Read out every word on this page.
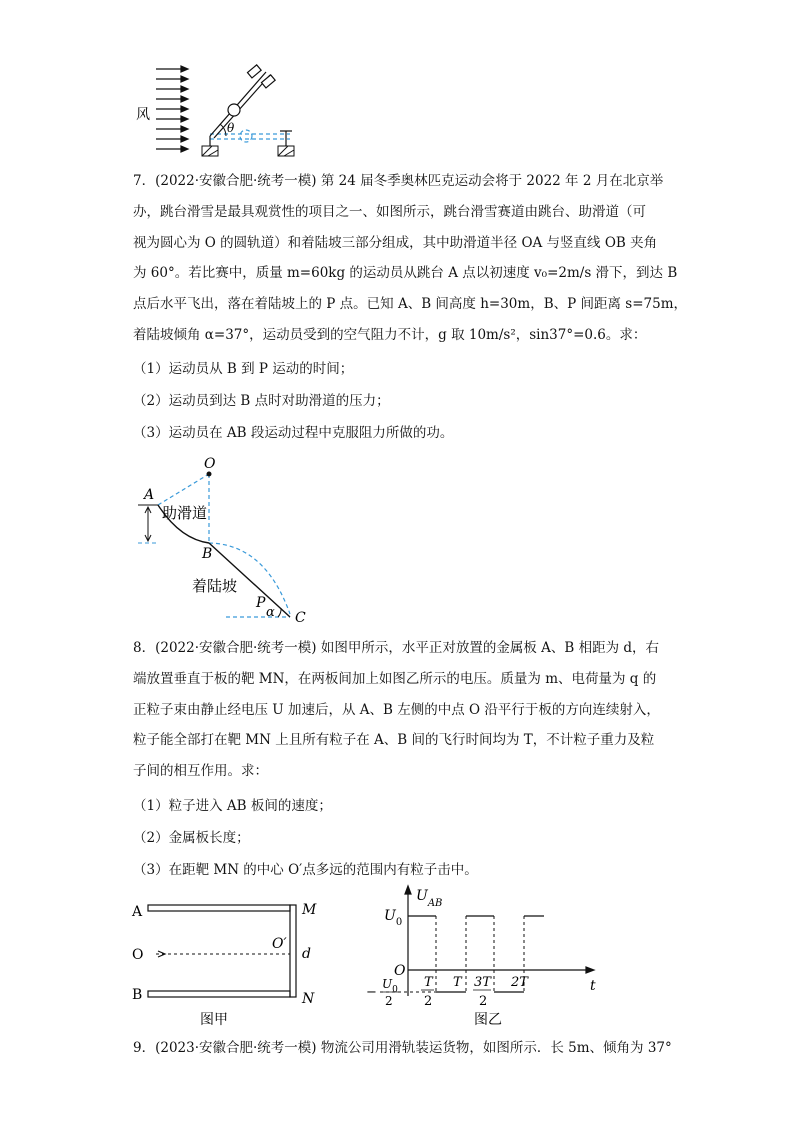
风
θ
7．(2022·安徽合肥·统考一模) 第 24 届冬季奥林匹克运动会将于 2022 年 2 月在北京举
办，跳台滑雪是最具观赏性的项目之一、如图所示，跳台滑雪赛道由跳台、助滑道（可
视为圆心为 O 的圆轨道）和着陆坡三部分组成，其中助滑道半径 OA 与竖直线 OB 夹角
为 60°。若比赛中，质量 m=60kg 的运动员从跳台 A 点以初速度 v₀=2m/s 滑下，到达 B
点后水平飞出，落在着陆坡上的 P 点。已知 A、B 间高度 h=30m，B、P 间距离 s=75m，
着陆坡倾角 α=37°，运动员受到的空气阻力不计，g 取 10m/s²，sin37°=0.6。求：
（1）运动员从 B 到 P 运动的时间；
（2）运动员到达 B 点时对助滑道的压力；
（3）运动员在 AB 段运动过程中克服阻力所做的功。
O
A
B
P
C
α
助滑道
着陆坡
8．(2022·安徽合肥·统考一模) 如图甲所示，水平正对放置的金属板 A、B 相距为 d，右
端放置垂直于板的靶 MN，在两板间加上如图乙所示的电压。质量为 m、电荷量为 q 的
正粒子束由静止经电压 U 加速后，从 A、B 左侧的中点 O 沿平行于板的方向连续射入，
粒子能全部打在靶 MN 上且所有粒子在 A、B 间的飞行时间均为 T，不计粒子重力及粒
子间的相互作用。求：
（1）粒子进入 AB 板间的速度；
（2）金属板长度；
（3）在距靶 MN 的中心 O′点多远的范围内有粒子击中。
A
B
O
O′
M
N
d
图甲
$U_{AB}$
$U_0$
−
$U_0$
2
O
t
T
2
T 3T
2
2T
图乙
9．(2023·安徽合肥·统考一模) 物流公司用滑轨装运货物，如图所示．长 5m、倾角为 37°
